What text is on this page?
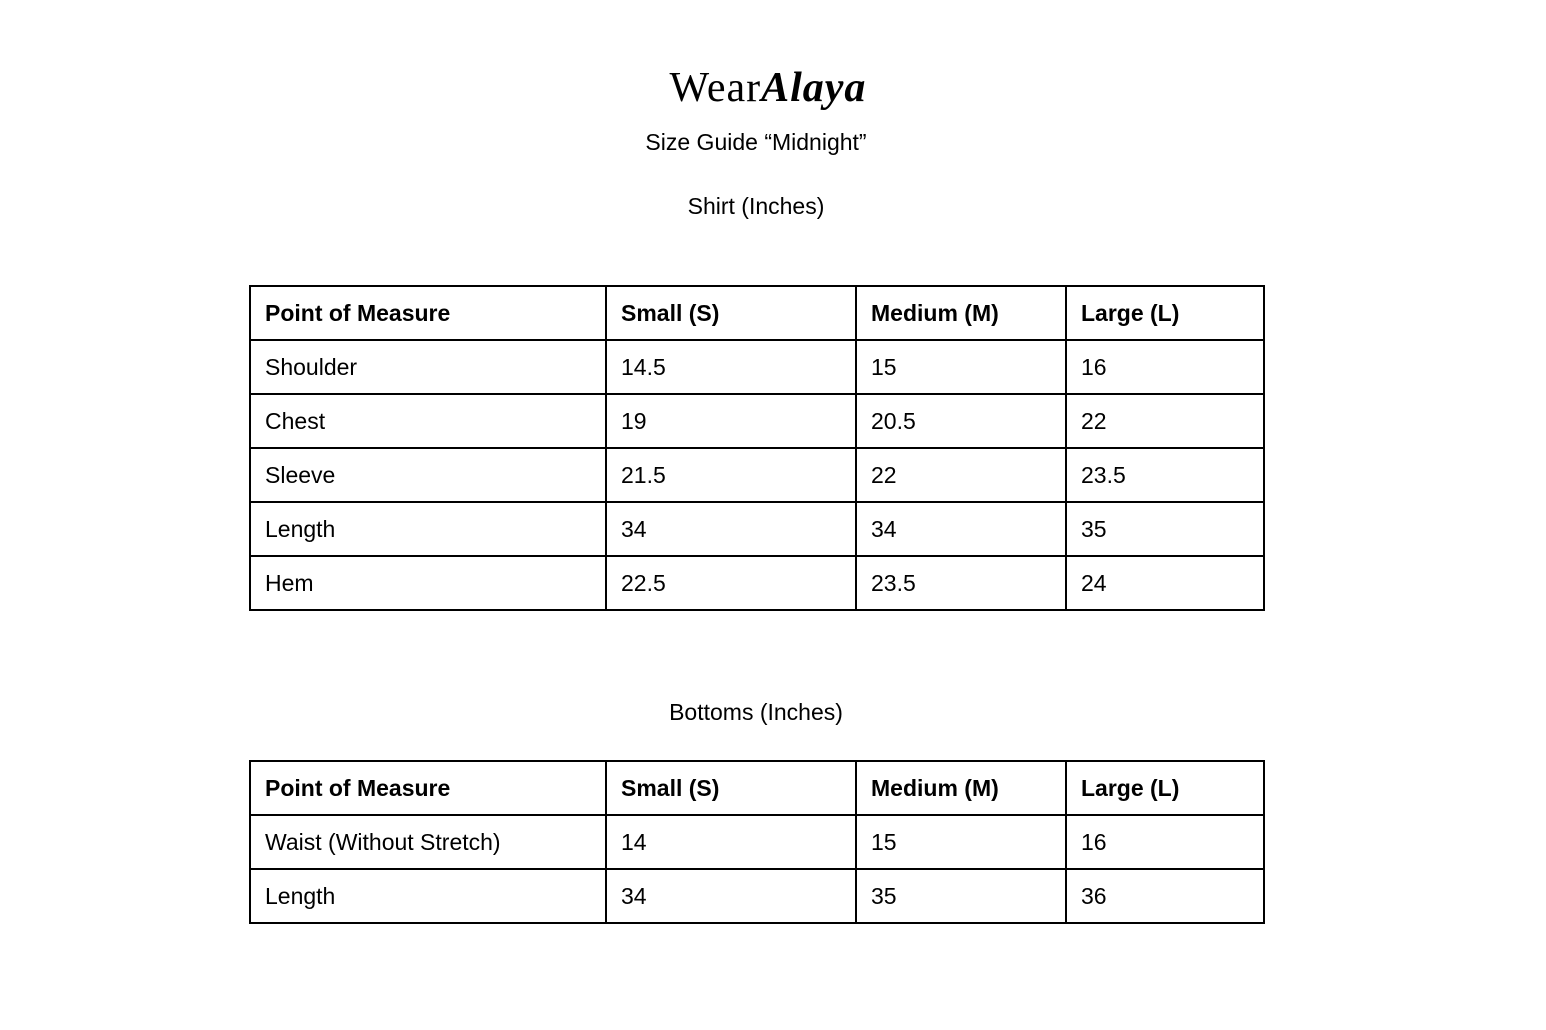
WearAlaya
Size Guide “Midnight”
Shirt (Inches)
Point of Measure	Small (S)	Medium (M)	Large (L)
Shoulder	14.5	15	16
Chest	19	20.5	22
Sleeve	21.5	22	23.5
Length	34	34	35
Hem	22.5	23.5	24
Bottoms (Inches)
Point of Measure	Small (S)	Medium (M)	Large (L)
Waist (Without Stretch)	14	15	16
Length	34	35	36
